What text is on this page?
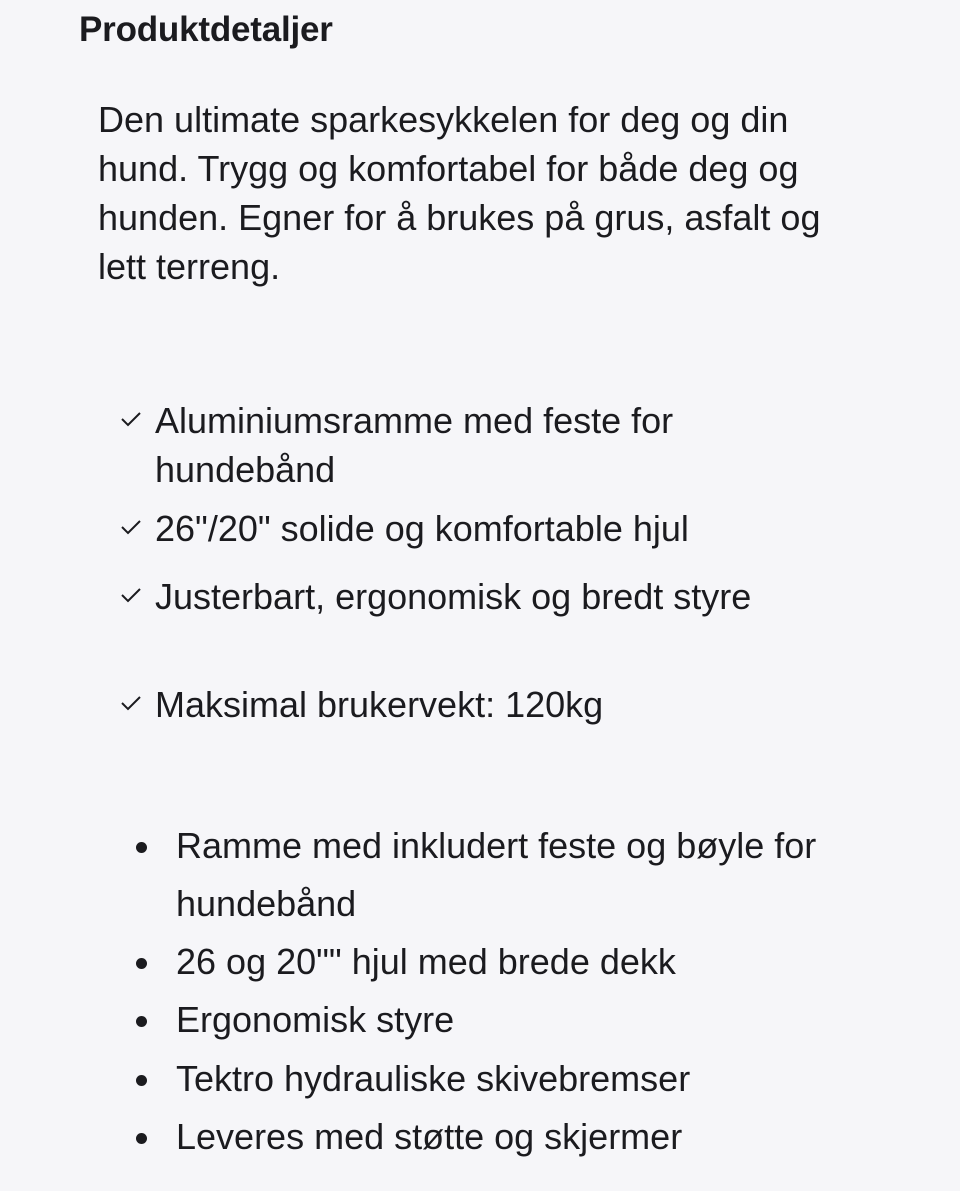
Produktdetaljer

Den ultimate sparkesykkelen for deg og din hund. Trygg og komfortabel for både deg og hunden. Egner for å brukes på grus, asfalt og lett terreng.

Aluminiumsramme med feste for hundebånd
26"/20" solide og komfortable hjul
Justerbart, ergonomisk og bredt styre
Maksimal brukervekt: 120kg
Ramme med inkludert feste og bøyle for hundebånd
26 og 20"" hjul med brede dekk
Ergonomisk styre
Tektro hydrauliske skivebremser
Leveres med støtte og skjermer
